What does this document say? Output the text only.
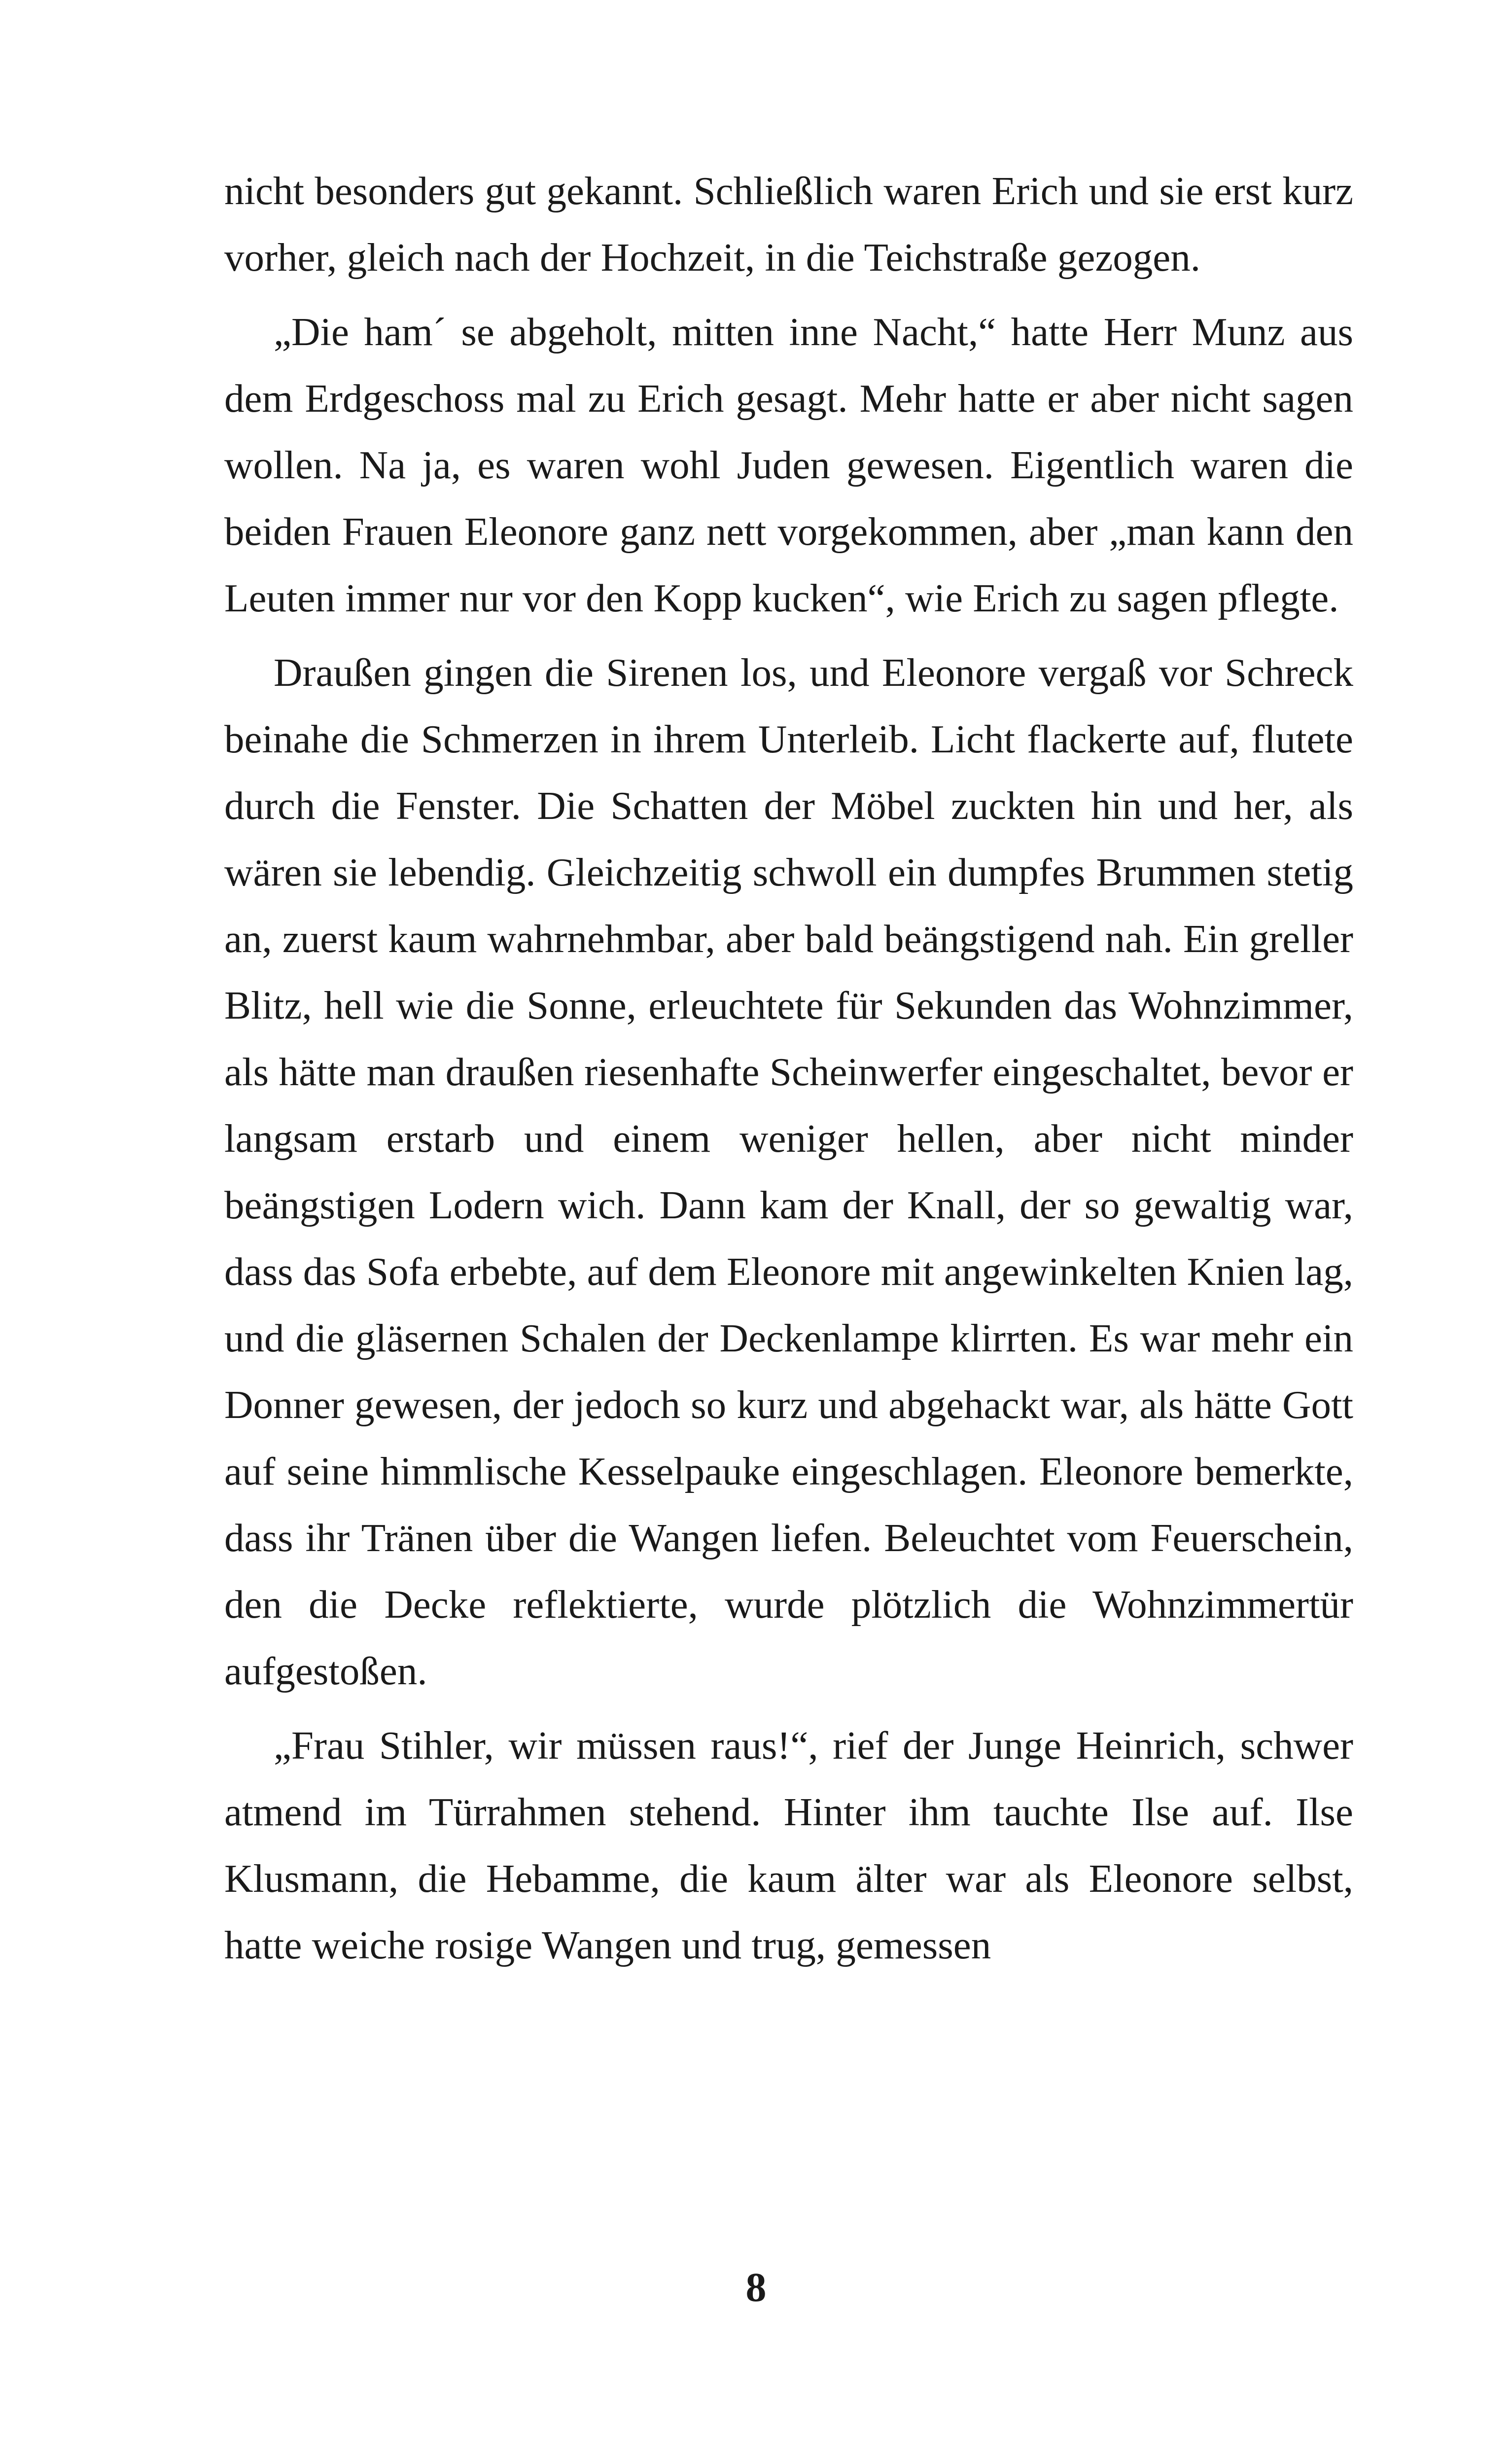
nicht besonders gut gekannt. Schließlich waren Erich und sie erst kurz vorher, gleich nach der Hochzeit, in die Teichstraße gezogen.

„Die ham´ se abgeholt, mitten inne Nacht,“ hatte Herr Munz aus dem Erdgeschoss mal zu Erich gesagt. Mehr hatte er aber nicht sagen wollen. Na ja, es waren wohl Juden gewesen. Eigentlich waren die beiden Frauen Eleonore ganz nett vorgekommen, aber „man kann den Leuten immer nur vor den Kopp kucken“, wie Erich zu sagen pflegte.

Draußen gingen die Sirenen los, und Eleonore vergaß vor Schreck beinahe die Schmerzen in ihrem Unterleib. Licht flackerte auf, flutete durch die Fenster. Die Schatten der Möbel zuckten hin und her, als wären sie lebendig. Gleichzeitig schwoll ein dumpfes Brummen stetig an, zuerst kaum wahrnehmbar, aber bald beängstigend nah. Ein greller Blitz, hell wie die Sonne, erleuchtete für Sekunden das Wohnzimmer, als hätte man draußen riesenhafte Scheinwerfer eingeschaltet, bevor er langsam erstarb und einem weniger hellen, aber nicht minder beängstigen Lodern wich. Dann kam der Knall, der so gewaltig war, dass das Sofa erbebte, auf dem Eleonore mit angewinkelten Knien lag, und die gläsernen Schalen der Deckenlampe klirrten. Es war mehr ein Donner gewesen, der jedoch so kurz und abgehackt war, als hätte Gott auf seine himmlische Kesselpauke eingeschlagen. Eleonore bemerkte, dass ihr Tränen über die Wangen liefen. Beleuchtet vom Feuerschein, den die Decke reflektierte, wurde plötzlich die Wohnzimmertür aufgestoßen.

„Frau Stihler, wir müssen raus!“, rief der Junge Heinrich, schwer atmend im Türrahmen stehend. Hinter ihm tauchte Ilse auf. Ilse Klusmann, die Hebamme, die kaum älter war als Eleonore selbst, hatte weiche rosige Wangen und trug, gemessen

8
